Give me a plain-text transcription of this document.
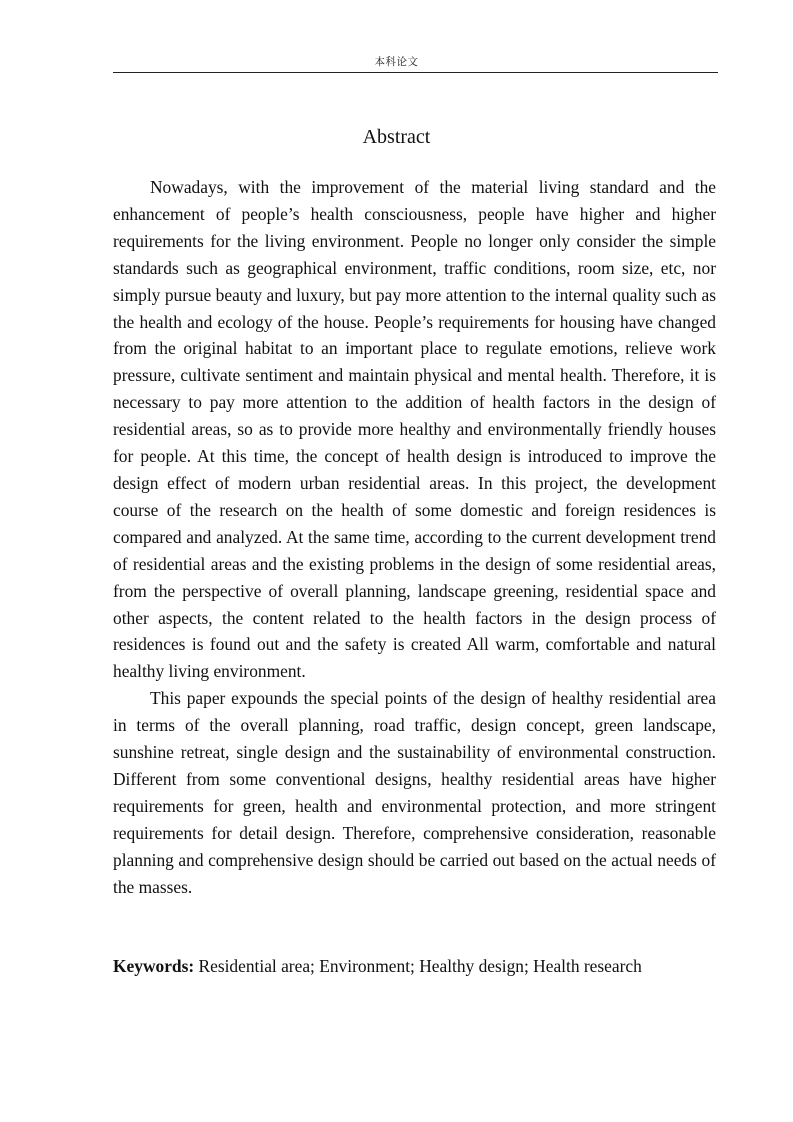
本科论文
Abstract

Nowadays, with the improvement of the material living standard and the enhancement of people’s health consciousness, people have higher and higher requirements for the living environment. People no longer only consider the simple standards such as geographical environment, traffic conditions, room size, etc, nor simply pursue beauty and luxury, but pay more attention to the internal quality such as the health and ecology of the house. People’s requirements for housing have changed from the original habitat to an important place to regulate emotions, relieve work pressure, cultivate sentiment and maintain physical and mental health. Therefore, it is necessary to pay more attention to the addition of health factors in the design of residential areas, so as to provide more healthy and environmentally friendly houses for people. At this time, the concept of health design is introduced to improve the design effect of modern urban residential areas. In this project, the development course of the research on the health of some domestic and foreign residences is compared and analyzed. At the same time, according to the current development trend of residential areas and the existing problems in the design of some residential areas, from the perspective of overall planning, landscape greening, residential space and other aspects, the content related to the health factors in the design process of residences is found out and the safety is created All warm, comfortable and natural healthy living environment.

This paper expounds the special points of the design of healthy residential area in terms of the overall planning, road traffic, design concept, green landscape, sunshine retreat, single design and the sustainability of environmental construction. Different from some conventional designs, healthy residential areas have higher requirements for green, health and environmental protection, and more stringent requirements for detail design. Therefore, comprehensive consideration, reasonable planning and comprehensive design should be carried out based on the actual needs of the masses.

Keywords: Residential area; Environment; Healthy design; Health research
